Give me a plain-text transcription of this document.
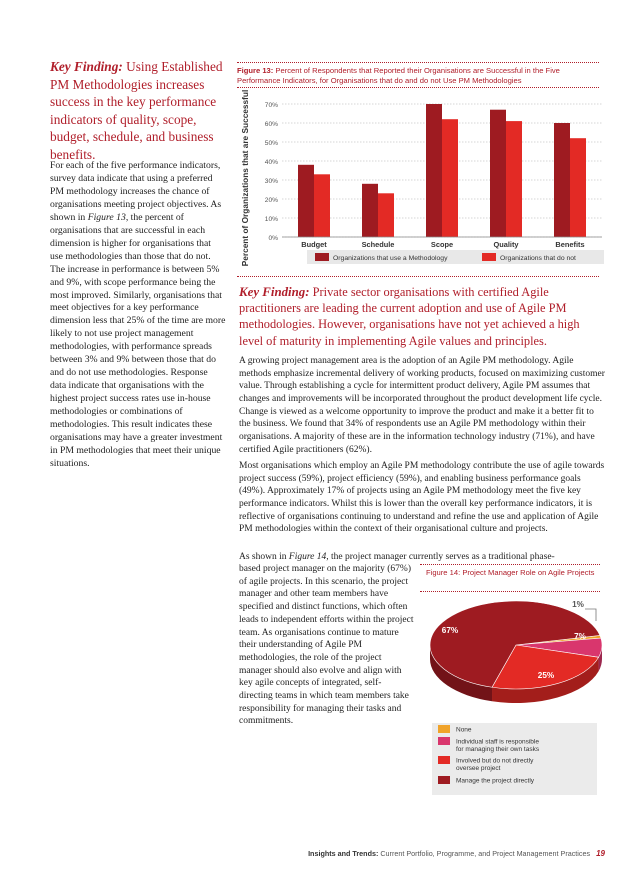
Key Finding: Using Established PM Methodologies increases success in the key performance indicators of quality, scope, budget, schedule, and business benefits.
For each of the five performance indicators, survey data indicate that using a preferred PM methodology increases the chance of organisations meeting project objectives. As shown in Figure 13, the percent of organisations that are successful in each dimension is higher for organisations that use methodologies than those that do not. The increase in performance is between 5% and 9%, with scope performance being the most improved. Similarly, organisations that meet objectives for a key performance dimension less that 25% of the time are more likely to not use project management methodologies, with performance spreads between 3% and 9% between those that do and do not use methodologies. Response data indicate that organisations with the highest project success rates use in-house methodologies or combinations of methodologies. This result indicates these organisations may have a greater investment in PM methodologies that meet their unique situations.
Figure 13: Percent of Respondents that Reported their Organisations are Successful in the Five Performance Indicators, for Organisations that do and do not Use PM Methodologies
0%
10%
20%
30%
40%
50%
60%
70%
Percent of Organizations that are Successful	Budget	Schedule	Scope	Quality	Benefits
Organizations that use a Methodology	Organizations that do not
Key Finding: Private sector organisations with certified Agile practitioners are leading the current adoption and use of Agile PM methodologies. However, organisations have not yet achieved a high level of maturity in implementing Agile values and principles.

A growing project management area is the adoption of an Agile PM methodology. Agile methods emphasize incremental delivery of working products, focused on maximizing customer value. Through establishing a cycle for intermittent product delivery, Agile PM assumes that changes and improvements will be incorporated throughout the product development life cycle. Change is viewed as a welcome opportunity to improve the product and make it a better fit to the business. We found that 34% of respondents use an Agile PM methodology within their organisations. A majority of these are in the information technology industry (71%), and have certified Agile practitioners (62%).

Most organisations which employ an Agile PM methodology contribute the use of agile towards project success (59%), project efficiency (59%), and enabling business performance goals (49%). Approximately 17% of projects using an Agile PM methodology meet the five key performance indicators. Whilst this is lower than the overall key performance indicators, it is reflective of organisations continuing to understand and refine the use and application of Agile PM methodologies within the context of their organisational culture and projects.

As shown in Figure 14, the project manager currently serves as a traditional phase-

based project manager on the majority (67%) of agile projects. In this scenario, the project manager and other team members have specified and distinct functions, which often leads to independent efforts within the project team. As organisations continue to mature their understanding of Agile PM methodologies, the role of the project manager should also evolve and align with key agile concepts of integrated, self-directing teams in which team members take responsibility for managing their tasks and commitments.

Figure 14: Project Manager Role on Agile Projects
1%
7%
25%
67%
None
Individual staff is responsible for managing their own tasks
Involved but do not directly oversee project
Manage the project directly
Insights and Trends: Current Portfolio, Programme, and Project Management Practices 19
